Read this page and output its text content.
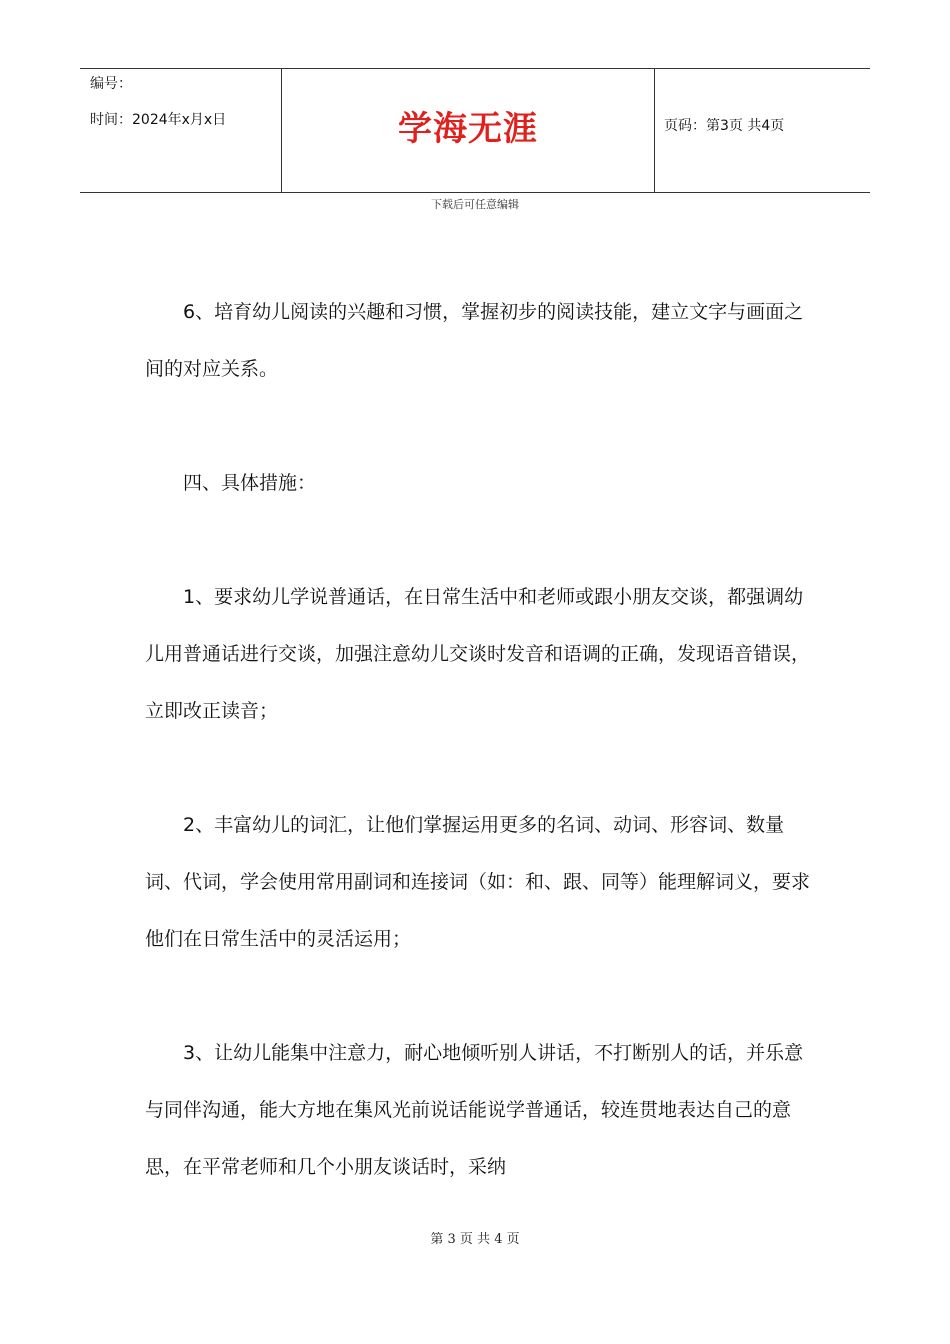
编号：
时间：2024年x月x日	学海无涯	页码：第3页 共4页
下载后可任意编辑

6、培育幼儿阅读的兴趣和习惯，掌握初步的阅读技能，建立文字与画面之间的对应关系。

四、具体措施：

1、要求幼儿学说普通话，在日常生活中和老师或跟小朋友交谈，都强调幼儿用普通话进行交谈，加强注意幼儿交谈时发音和语调的正确，发现语音错误，立即改正读音；

2、丰富幼儿的词汇，让他们掌握运用更多的名词、动词、形容词、数量词、代词，学会使用常用副词和连接词（如：和、跟、同等）能理解词义，要求他们在日常生活中的灵活运用；

3、让幼儿能集中注意力，耐心地倾听别人讲话，不打断别人的话，并乐意与同伴沟通，能大方地在集风光前说话能说学普通话，较连贯地表达自己的意思，在平常老师和几个小朋友谈话时，采纳

第 3 页 共 4 页
